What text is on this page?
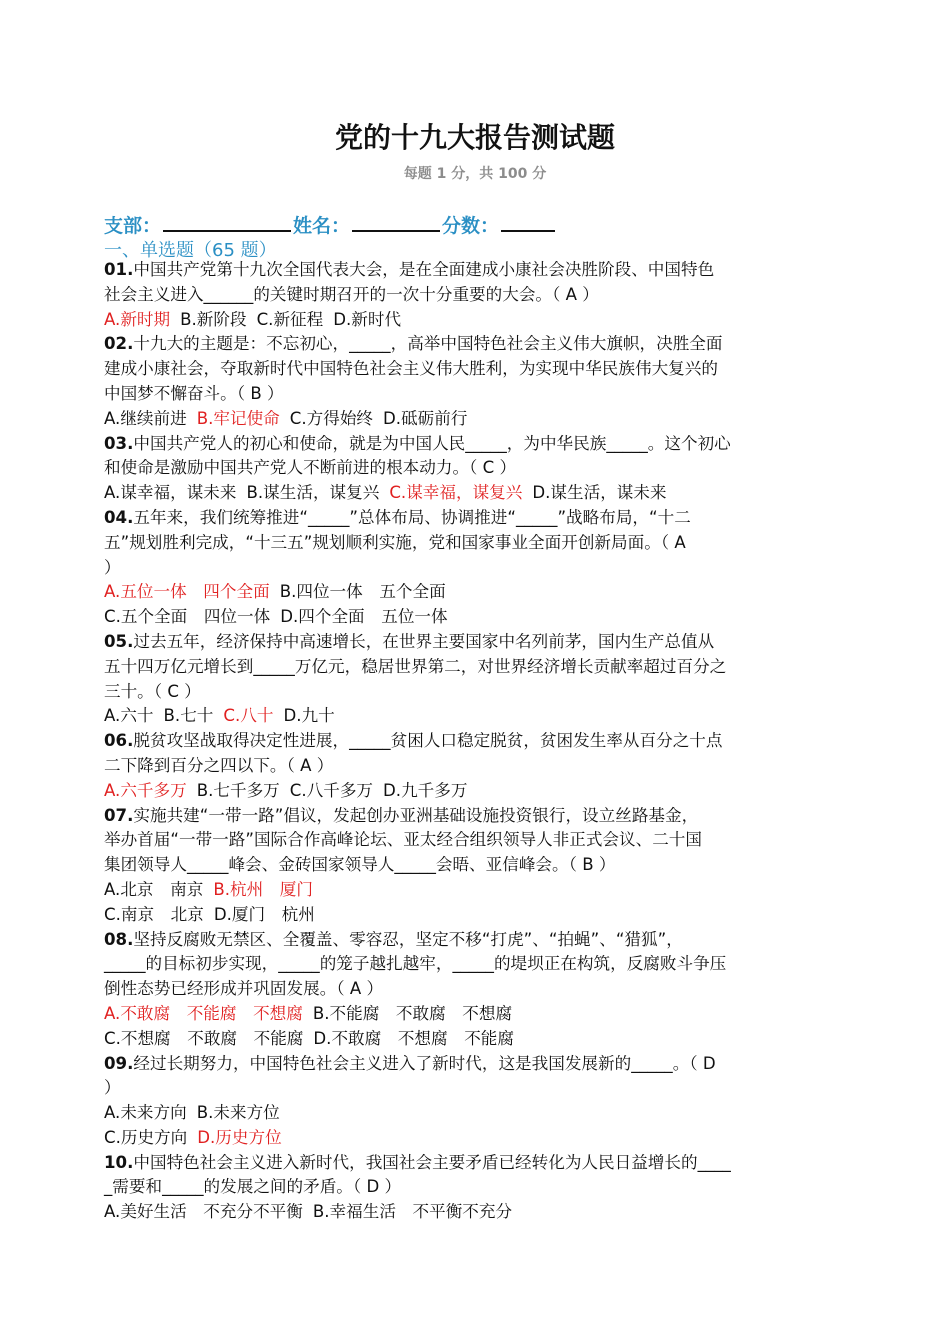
党的十九大报告测试题
每题 1 分，共 100 分
支部：	姓名：	分数：
一、单选题（65 题）
01.中国共产党第十九次全国代表大会，是在全面建成小康社会决胜阶段、中国特色
社会主义进入______的关键时期召开的一次十分重要的大会。（ A ）
A.新时期 B.新阶段 C.新征程 D.新时代
02.十九大的主题是：不忘初心，_____，高举中国特色社会主义伟大旗帜，决胜全面
建成小康社会，夺取新时代中国特色社会主义伟大胜利，为实现中华民族伟大复兴的
中国梦不懈奋斗。（ B ）
A.继续前进 B.牢记使命 C.方得始终 D.砥砺前行
03.中国共产党人的初心和使命，就是为中国人民_____，为中华民族_____。这个初心
和使命是激励中国共产党人不断前进的根本动力。（ C ）
A.谋幸福，谋未来 B.谋生活，谋复兴 C.谋幸福，谋复兴 D.谋生活，谋未来
04.五年来，我们统筹推进“_____”总体布局、协调推进“_____”战略布局，“十二
五”规划胜利完成，“十三五”规划顺利实施，党和国家事业全面开创新局面。（ A
）
A.五位一体　四个全面 B.四位一体　五个全面
C.五个全面　四位一体 D.四个全面　五位一体
05.过去五年，经济保持中高速增长，在世界主要国家中名列前茅，国内生产总值从
五十四万亿元增长到_____万亿元，稳居世界第二，对世界经济增长贡献率超过百分之
三十。（ C ）
A.六十 B.七十 C.八十 D.九十
06.脱贫攻坚战取得决定性进展，_____贫困人口稳定脱贫，贫困发生率从百分之十点
二下降到百分之四以下。（ A ）
A.六千多万 B.七千多万 C.八千多万 D.九千多万
07.实施共建“一带一路”倡议，发起创办亚洲基础设施投资银行，设立丝路基金，
举办首届“一带一路”国际合作高峰论坛、亚太经合组织领导人非正式会议、二十国
集团领导人_____峰会、金砖国家领导人_____会晤、亚信峰会。（ B ）
A.北京　南京 B.杭州　厦门
C.南京　北京 D.厦门　杭州
08.坚持反腐败无禁区、全覆盖、零容忍，坚定不移“打虎”、“拍蝇”、“猎狐”，
_____的目标初步实现，_____的笼子越扎越牢，_____的堤坝正在构筑，反腐败斗争压
倒性态势已经形成并巩固发展。（ A ）
A.不敢腐　不能腐　不想腐 B.不能腐　不敢腐　不想腐
C.不想腐　不敢腐　不能腐 D.不敢腐　不想腐　不能腐
09.经过长期努力，中国特色社会主义进入了新时代，这是我国发展新的_____。（ D
）
A.未来方向 B.未来方位
C.历史方向 D.历史方位
10.中国特色社会主义进入新时代，我国社会主要矛盾已经转化为人民日益增长的____
_需要和_____的发展之间的矛盾。（ D ）
A.美好生活　不充分不平衡 B.幸福生活　不平衡不充分
